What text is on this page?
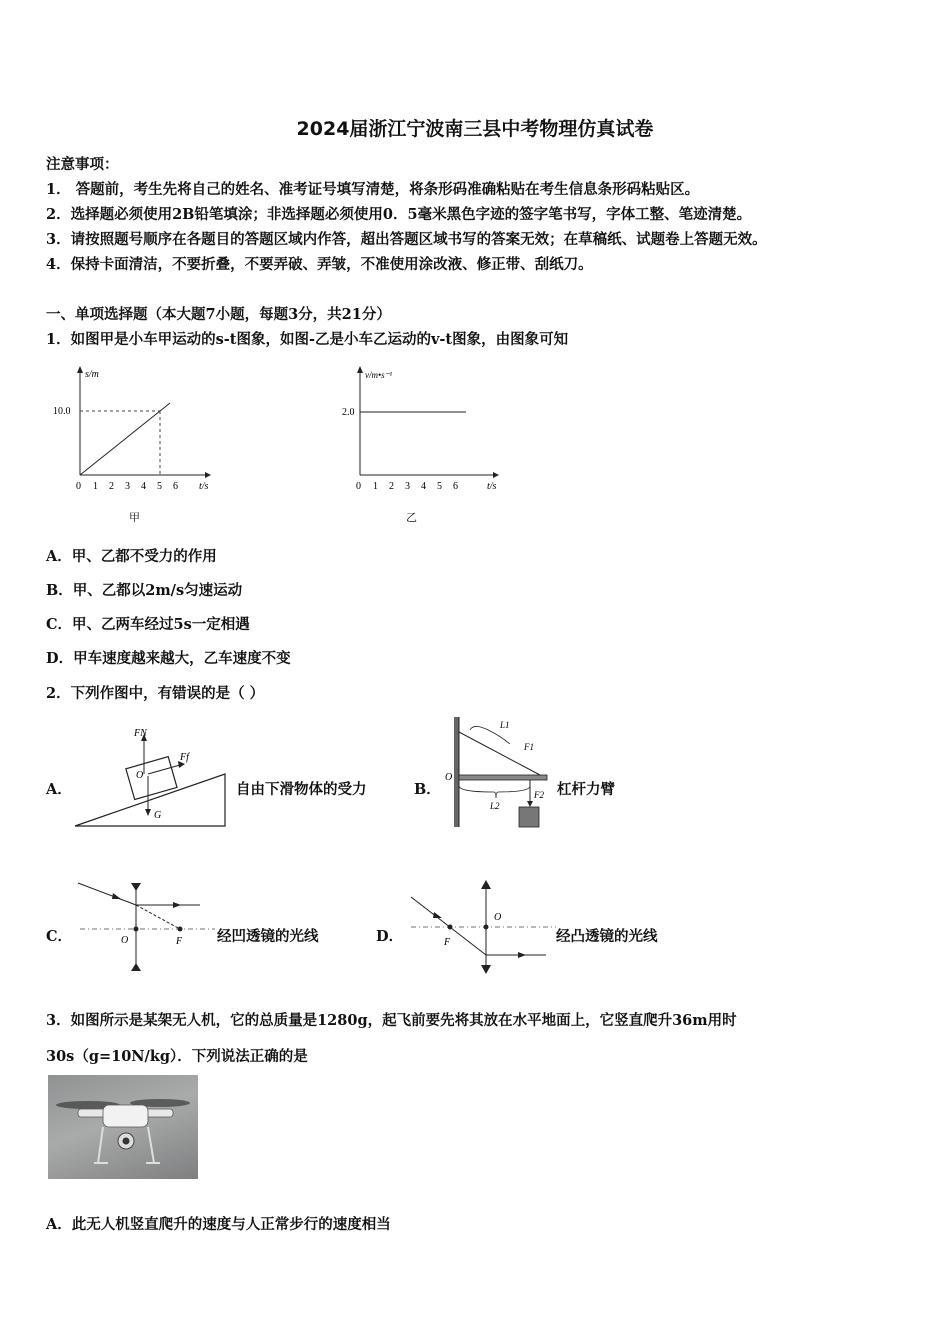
2024届浙江宁波南三县中考物理仿真试卷
注意事项：
1． 答题前，考生先将自己的姓名、准考证号填写清楚，将条形码准确粘贴在考生信息条形码粘贴区。
2．选择题必须使用2B铅笔填涂；非选择题必须使用0．5毫米黑色字迹的签字笔书写，字体工整、笔迹清楚。
3．请按照题号顺序在各题目的答题区域内作答，超出答题区域书写的答案无效；在草稿纸、试题卷上答题无效。
4．保持卡面清洁，不要折叠，不要弄破、弄皱，不准使用涂改液、修正带、刮纸刀。
一、单项选择题（本大题7小题，每题3分，共21分）
1．如图甲是小车甲运动的s-t图象，如图-乙是小车乙运动的v-t图象，由图象可知
s/m
10.0
t/s
0 1 2 3 4 5 6
甲
v/m•s⁻¹
2.0
t/s
0 1 2 3 4 5 6
乙
A．甲、乙都不受力的作用
B．甲、乙都以2m/s匀速运动
C．甲、乙两车经过5s一定相遇
D．甲车速度越来越大，乙车速度不变
2．下列作图中，有错误的是（ ）
A．
FN
Ff
O
G
自由下滑物体的受力	B．
O
L1
F1
L2
F2 杠杆力臂
C．	O	F 经凹透镜的光线	D．
O
F	经凸透镜的光线
3．如图所示是某架无人机，它的总质量是1280g，起飞前要先将其放在水平地面上，它竖直爬升36m用时
30s（g=10N/kg）．下列说法正确的是
A．此无人机竖直爬升的速度与人正常步行的速度相当
